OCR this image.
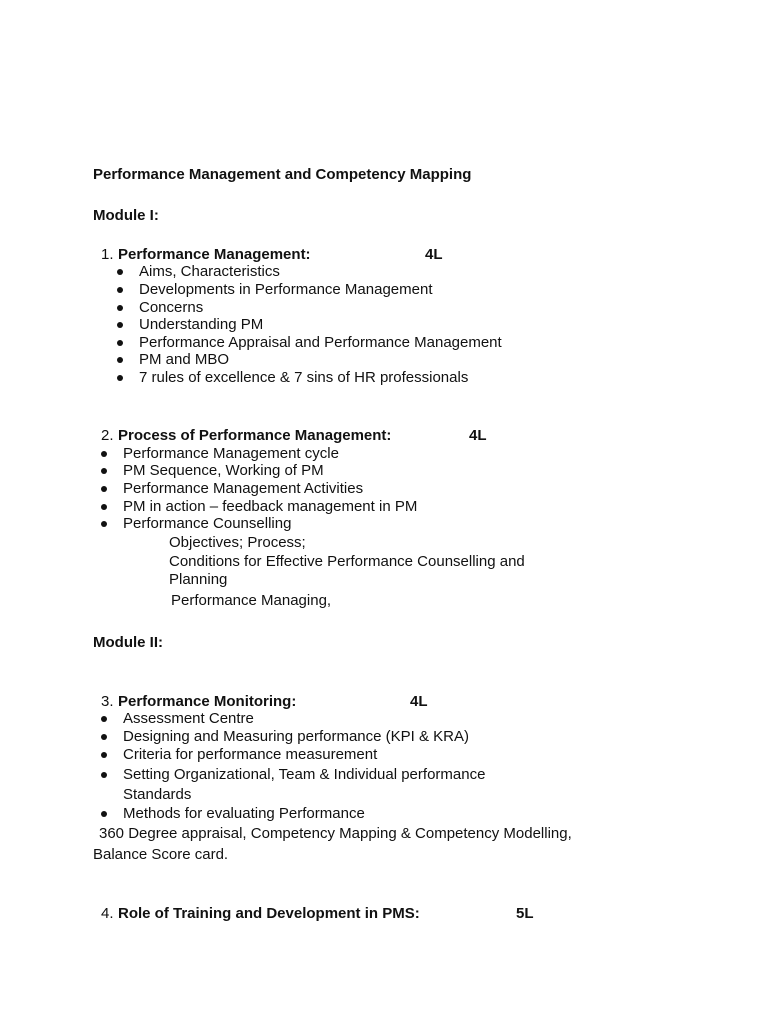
Performance Management and Competency Mapping
Module I:
1. Performance Management:	4L
Aims, Characteristics
Developments in Performance Management
Concerns
Understanding PM
Performance Appraisal and Performance Management
PM and MBO
7 rules of excellence & 7 sins of HR professionals
2. Process of Performance Management:	4L
Performance Management cycle
PM Sequence, Working of PM
Performance Management Activities
PM in action – feedback management in PM
Performance Counselling
Objectives; Process;
Conditions for Effective Performance Counselling and
Planning
Performance Managing,
Module II:
3. Performance Monitoring:	4L
Assessment Centre
Designing and Measuring performance (KPI & KRA)
Criteria for performance measurement
Setting Organizational, Team & Individual performance
Standards
Methods for evaluating Performance
360 Degree appraisal, Competency Mapping & Competency Modelling,
Balance Score card.
4. Role of Training and Development in PMS:	5L
